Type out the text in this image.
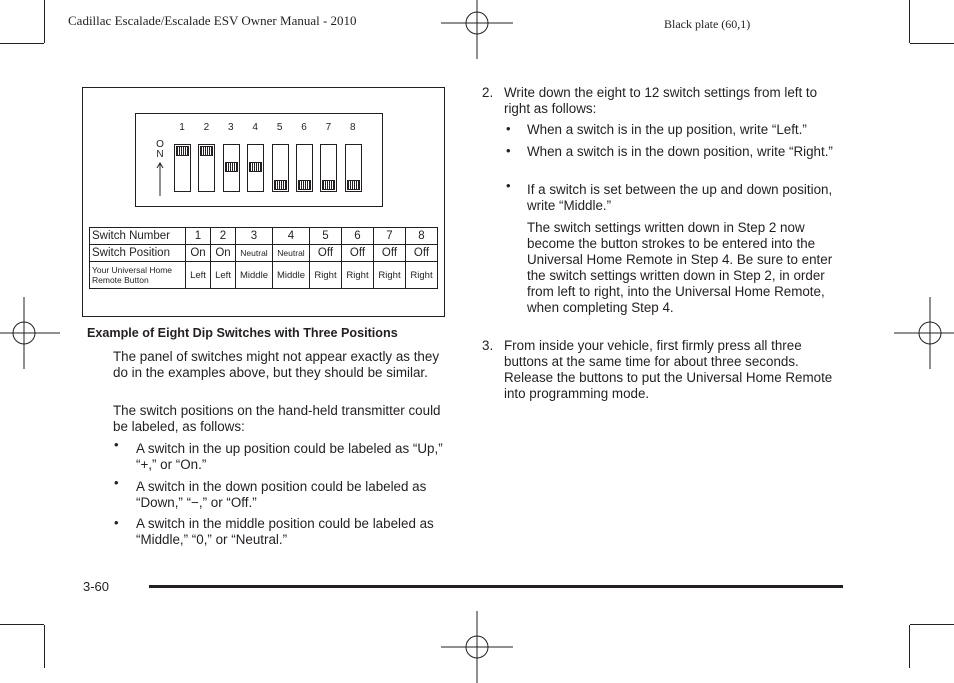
Cadillac Escalade/Escalade ESV Owner Manual - 2010	Black plate (60,1)
ON
1	2	3	4	5	6	7	8
Switch Number	1	2	3	4	5	6	7	8
Switch Position	On	On	Neutral	Neutral	Off	Off	Off	Off
Your Universal Home Remote Button	Left	Left	Middle	Middle	Right	Right	Right	Right
Example of Eight Dip Switches with Three Positions
The panel of switches might not appear exactly as they do in the examples above, but they should be similar.
The switch positions on the hand-held transmitter could be labeled, as follows:
• A switch in the up position could be labeled as “Up,” “+,” or “On.”
• A switch in the down position could be labeled as “Down,” “−,” or “Off.”
• A switch in the middle position could be labeled as “Middle,” “0,” or “Neutral.”
2. Write down the eight to 12 switch settings from left to right as follows:
• When a switch is in the up position, write “Left.”
• When a switch is in the down position, write “Right.”
• If a switch is set between the up and down position, write “Middle.”
The switch settings written down in Step 2 now become the button strokes to be entered into the Universal Home Remote in Step 4. Be sure to enter the switch settings written down in Step 2, in order from left to right, into the Universal Home Remote, when completing Step 4.
3. From inside your vehicle, first firmly press all three buttons at the same time for about three seconds. Release the buttons to put the Universal Home Remote into programming mode.
3-60
